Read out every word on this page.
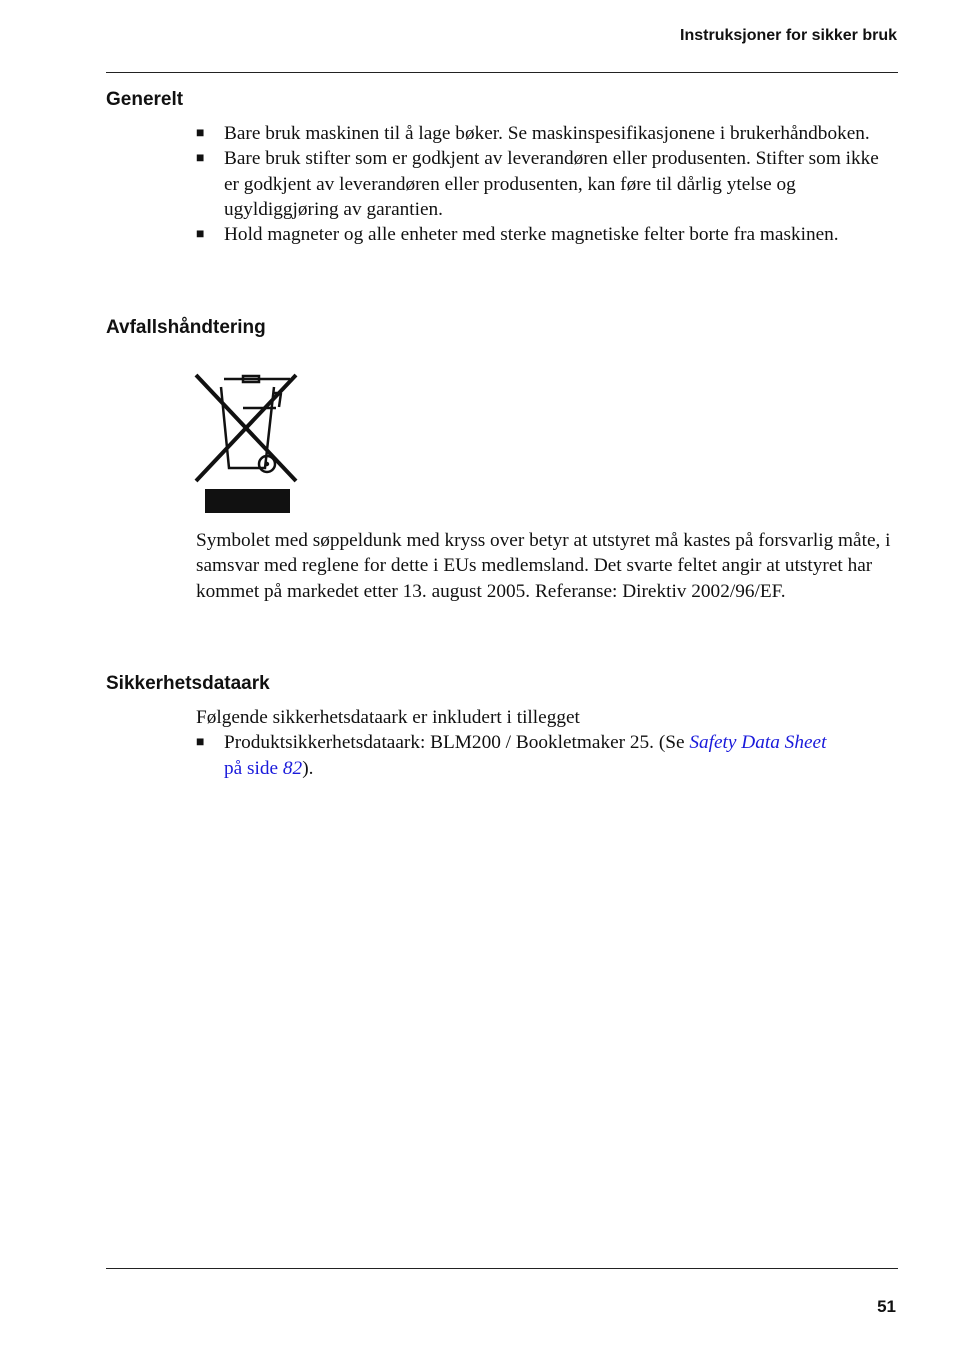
Instruksjoner for sikker bruk
Generelt
■ Bare bruk maskinen til å lage bøker. Se maskinspesifikasjonene i brukerhåndboken.
■ Bare bruk stifter som er godkjent av leverandøren eller produsenten. Stifter som ikke er godkjent av leverandøren eller produsenten, kan føre til dårlig ytelse og ugyldiggjøring av garantien.
■ Hold magneter og alle enheter med sterke magnetiske felter borte fra maskinen.
Avfallshåndtering

Symbolet med søppeldunk med kryss over betyr at utstyret må kastes på forsvarlig måte, i samsvar med reglene for dette i EUs medlemsland. Det svarte feltet angir at utstyret har kommet på markedet etter 13. august 2005. Referanse: Direktiv 2002/96/EF.

Sikkerhetsdataark

Følgende sikkerhetsdataark er inkludert i tillegget

■ Produktsikkerhetsdataark: BLM200 / Bookletmaker 25. (Se Safety Data Sheet
på side 82).
51
